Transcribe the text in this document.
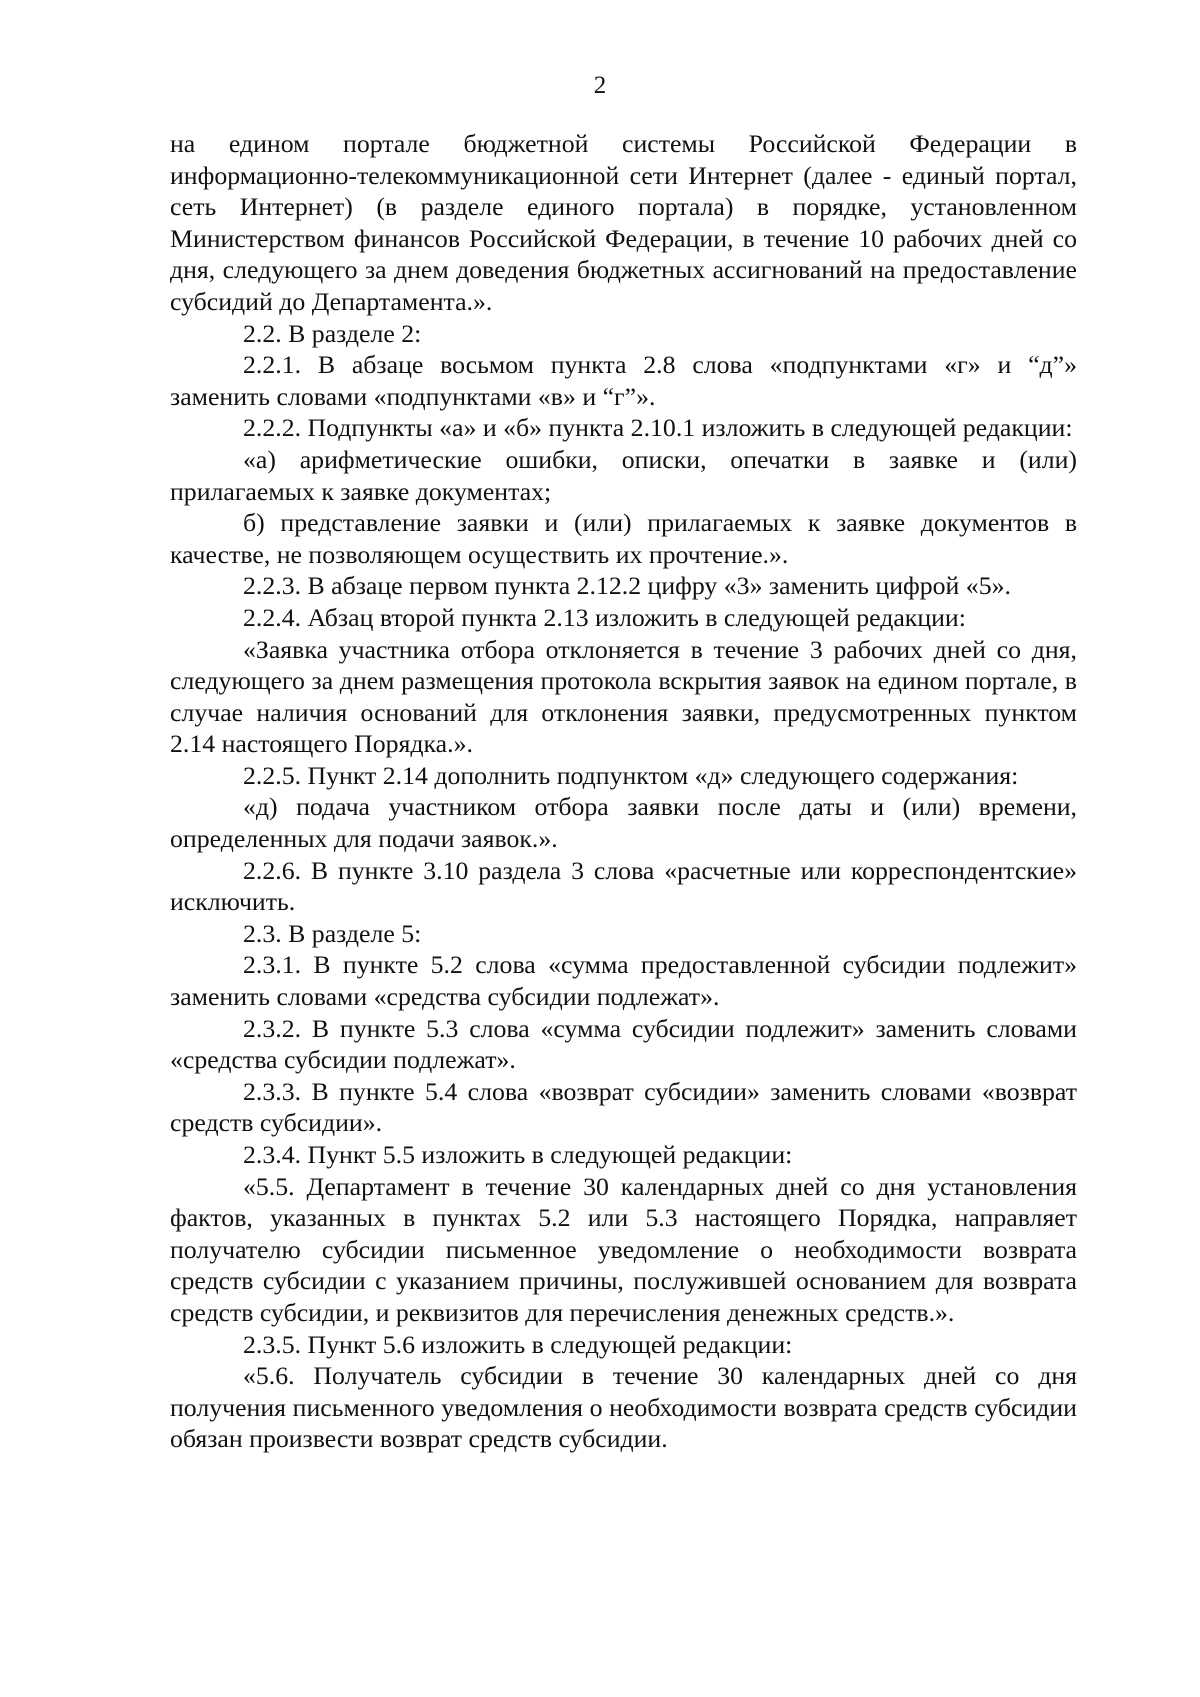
2

на едином портале бюджетной системы Российской Федерации в информационно-телекоммуникационной сети Интернет (далее - единый портал, сеть Интернет) (в разделе единого портала) в порядке, установленном Министерством финансов Российской Федерации, в течение 10 рабочих дней со дня, следующего за днем доведения бюджетных ассигнований на предоставление субсидий до Департамента.».

2.2. В разделе 2:

2.2.1. В абзаце восьмом пункта 2.8 слова «подпунктами «г» и “д”» заменить словами «подпунктами «в» и “г”».

2.2.2. Подпункты «а» и «б» пункта 2.10.1 изложить в следующей редакции:

«а) арифметические ошибки, описки, опечатки в заявке и (или) прилагаемых к заявке документах;

б) представление заявки и (или) прилагаемых к заявке документов в качестве, не позволяющем осуществить их прочтение.».

2.2.3. В абзаце первом пункта 2.12.2 цифру «3» заменить цифрой «5».

2.2.4. Абзац второй пункта 2.13 изложить в следующей редакции:

«Заявка участника отбора отклоняется в течение 3 рабочих дней со дня, следующего за днем размещения протокола вскрытия заявок на едином портале, в случае наличия оснований для отклонения заявки, предусмотренных пунктом 2.14 настоящего Порядка.».

2.2.5. Пункт 2.14 дополнить подпунктом «д» следующего содержания:

«д) подача участником отбора заявки после даты и (или) времени, определенных для подачи заявок.».

2.2.6. В пункте 3.10 раздела 3 слова «расчетные или корреспондентские» исключить.

2.3. В разделе 5:

2.3.1. В пункте 5.2 слова «сумма предоставленной субсидии подлежит» заменить словами «средства субсидии подлежат».

2.3.2. В пункте 5.3 слова «сумма субсидии подлежит» заменить словами «средства субсидии подлежат».

2.3.3. В пункте 5.4 слова «возврат субсидии» заменить словами «возврат средств субсидии».

2.3.4. Пункт 5.5 изложить в следующей редакции:

«5.5. Департамент в течение 30 календарных дней со дня установления фактов, указанных в пунктах 5.2 или 5.3 настоящего Порядка, направляет получателю субсидии письменное уведомление о необходимости возврата средств субсидии с указанием причины, послужившей основанием для возврата средств субсидии, и реквизитов для перечисления денежных средств.».

2.3.5. Пункт 5.6 изложить в следующей редакции:

«5.6. Получатель субсидии в течение 30 календарных дней со дня получения письменного уведомления о необходимости возврата средств субсидии обязан произвести возврат средств субсидии.
